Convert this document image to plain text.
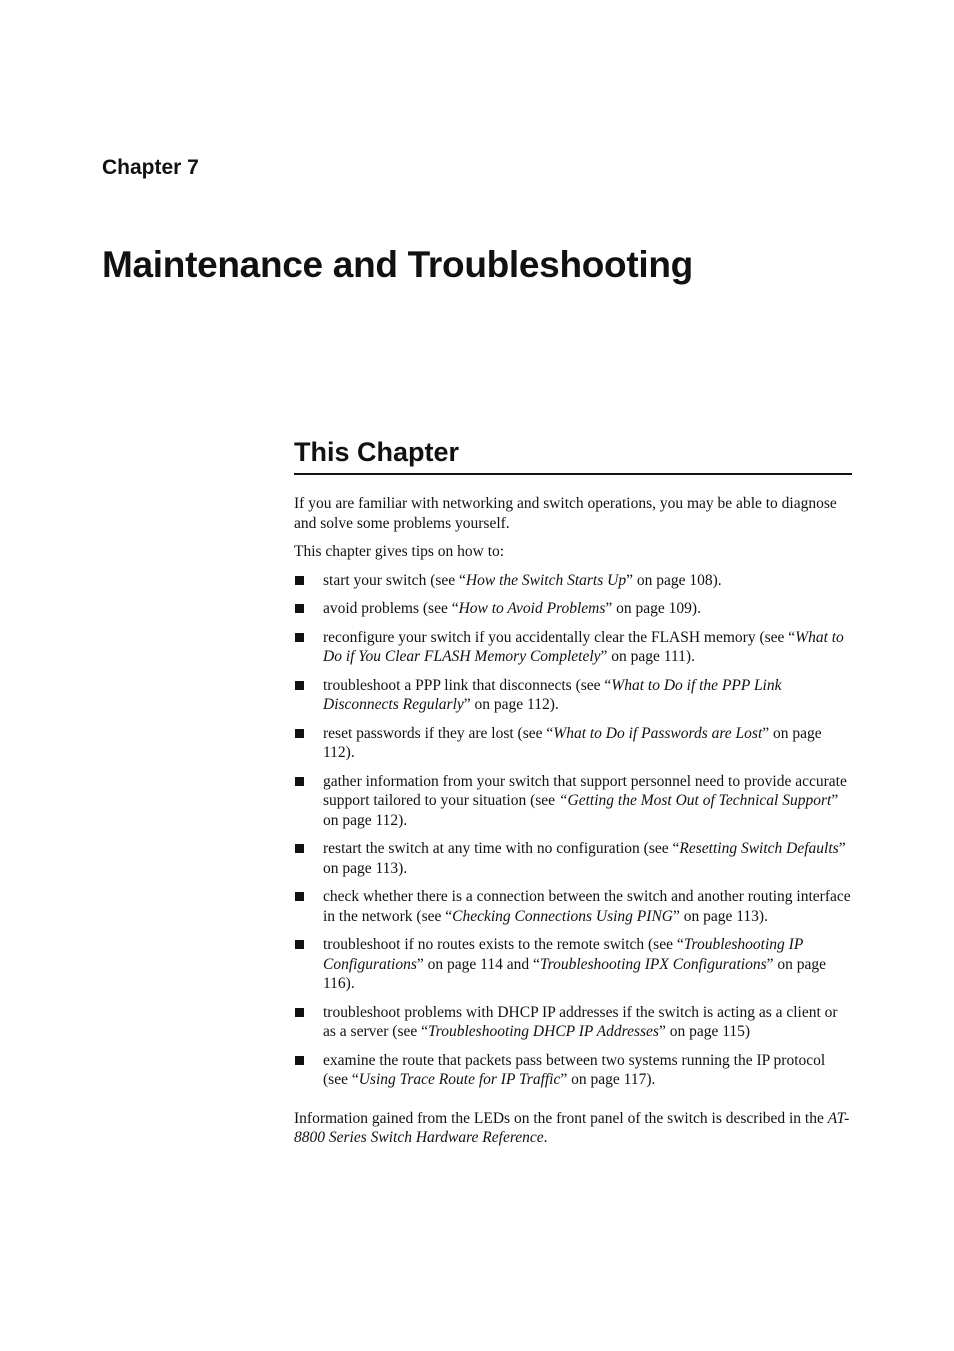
Chapter 7
Maintenance and Troubleshooting
This Chapter

If you are familiar with networking and switch operations, you may be able to diagnose and solve some problems yourself.

This chapter gives tips on how to:

start your switch (see “How the Switch Starts Up” on page 108).
avoid problems (see “How to Avoid Problems” on page 109).
reconfigure your switch if you accidentally clear the FLASH memory (see “What to Do if You Clear FLASH Memory Completely” on page 111).
troubleshoot a PPP link that disconnects (see “What to Do if the PPP Link Disconnects Regularly” on page 112).
reset passwords if they are lost (see “What to Do if Passwords are Lost” on page 112).
gather information from your switch that support personnel need to provide accurate support tailored to your situation (see “Getting the Most Out of Technical Support” on page 112).
restart the switch at any time with no configuration (see “Resetting Switch Defaults” on page 113).
check whether there is a connection between the switch and another routing interface in the network (see “Checking Connections Using PING” on page 113).
troubleshoot if no routes exists to the remote switch (see “Troubleshooting IP Configurations” on page 114 and “Troubleshooting IPX Configurations” on page 116).
troubleshoot problems with DHCP IP addresses if the switch is acting as a client or as a server (see “Troubleshooting DHCP IP Addresses” on page 115)
examine the route that packets pass between two systems running the IP protocol (see “Using Trace Route for IP Traffic” on page 117).

Information gained from the LEDs on the front panel of the switch is described in the AT-8800 Series Switch Hardware Reference.
